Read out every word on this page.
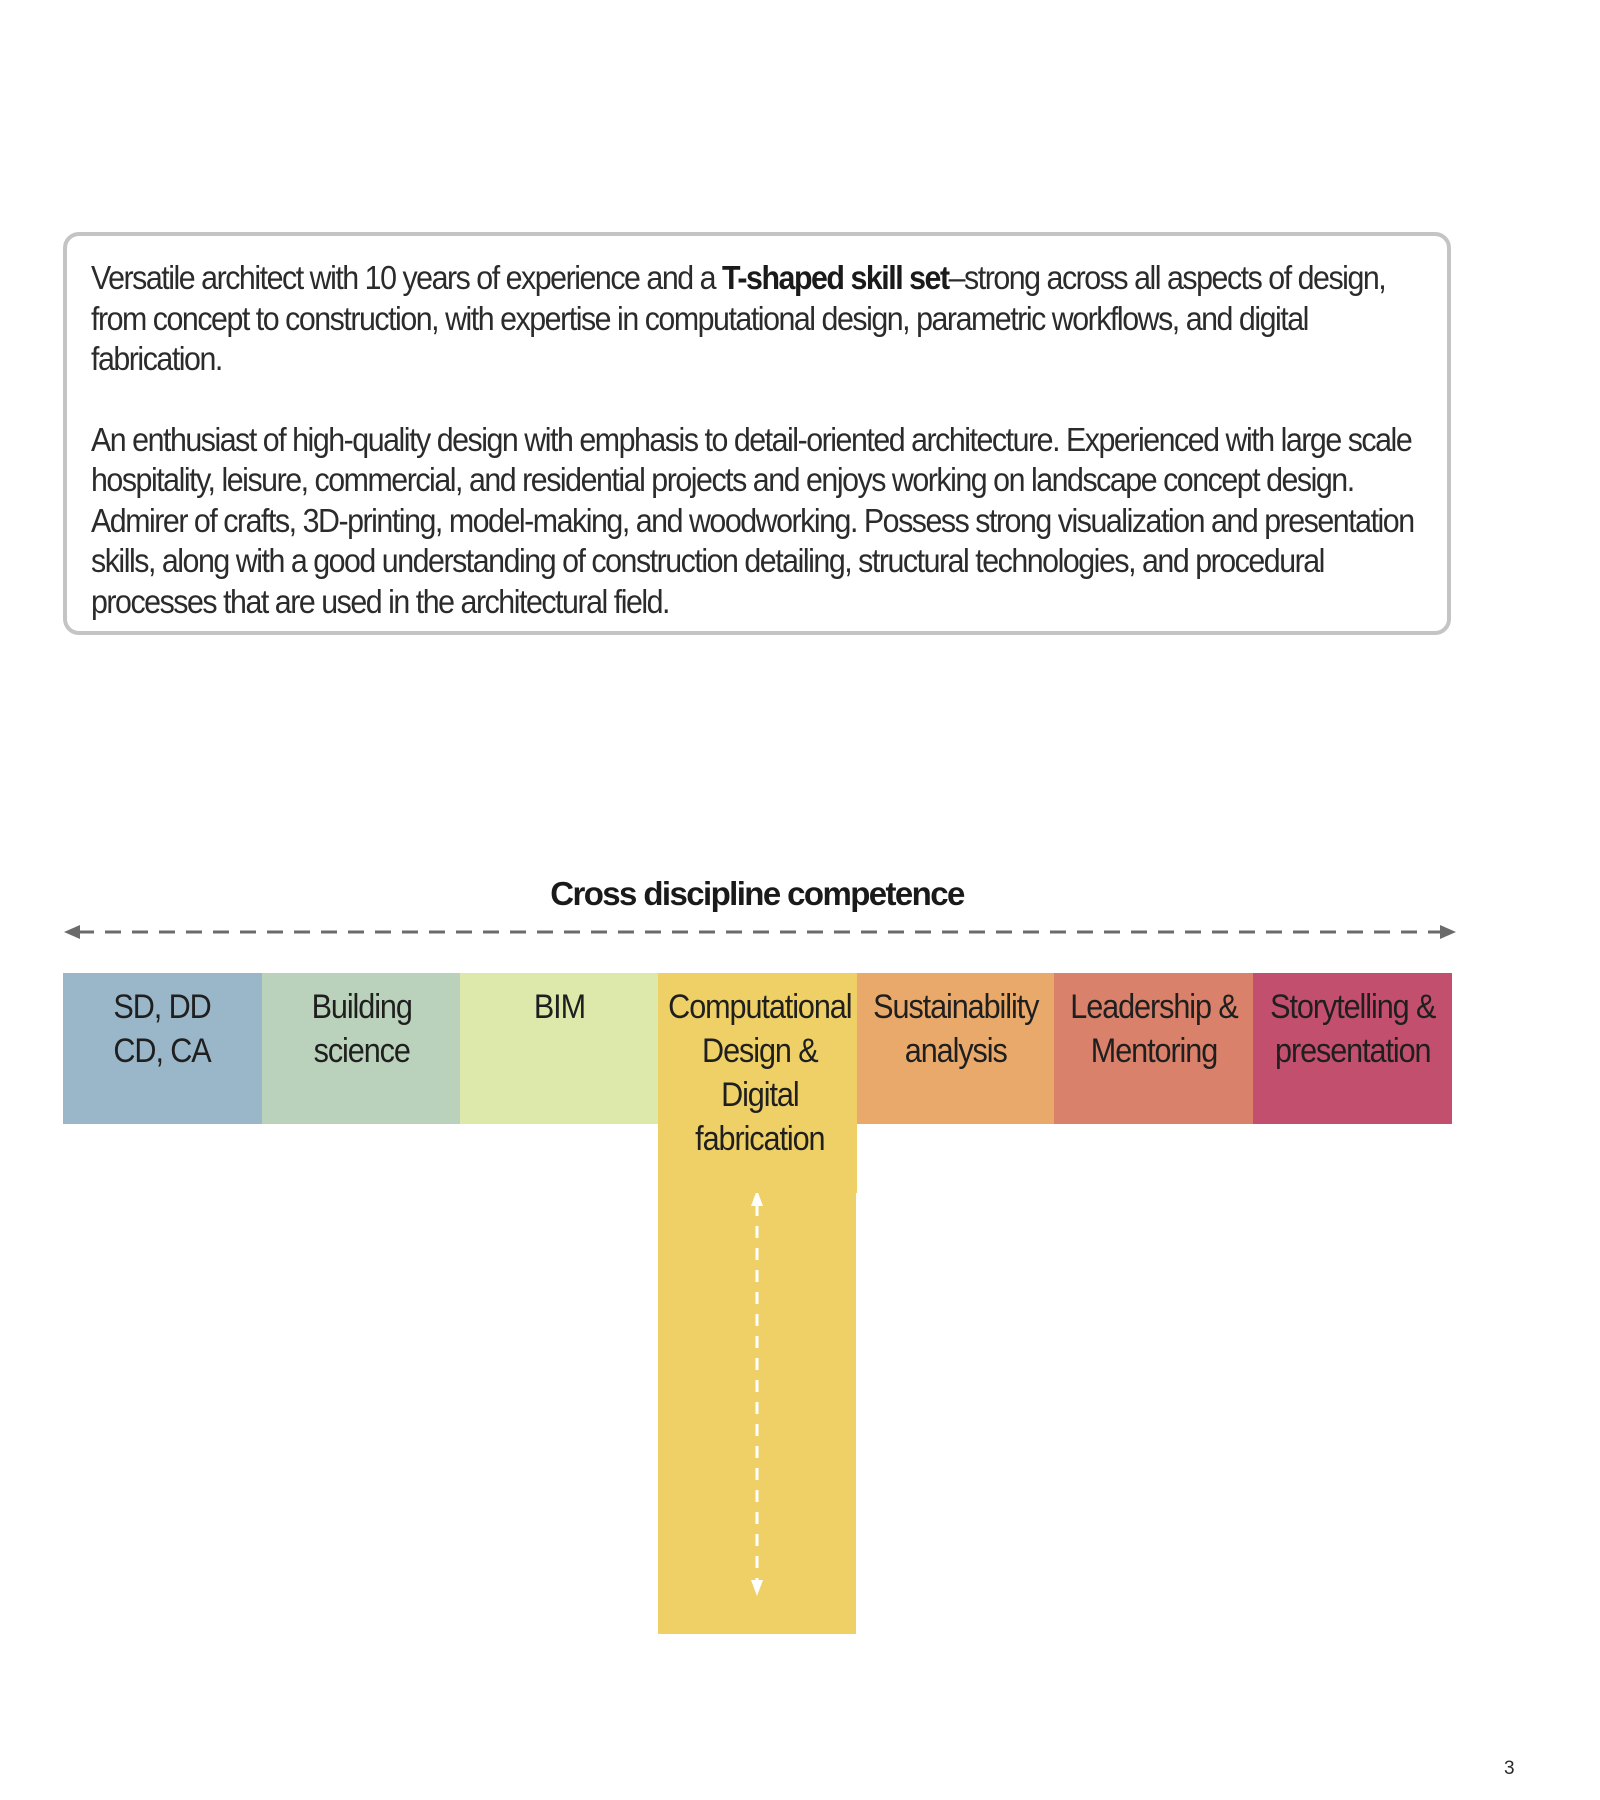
Versatile architect with 10 years of experience and a T-shaped skill set–strong across all aspects of design, from concept to construction, with expertise in computational design, parametric workflows, and digital fabrication.

An enthusiast of high-quality design with emphasis to detail-oriented architecture. Experienced with large scale hospitality, leisure, commercial, and residential projects and enjoys working on landscape concept design. Admirer of crafts, 3D-printing, model-making, and woodworking. Possess strong visualization and presentation skills, along with a good understanding of construction detailing, structural technologies, and procedural processes that are used in the architectural field.

Cross discipline competence
SD, DD
CD, CA
Building
science
BIM	Computational
Design &
Digital
fabrication
Sustainability
analysis
Leadership &
Mentoring
Storytelling &
presentation
3
